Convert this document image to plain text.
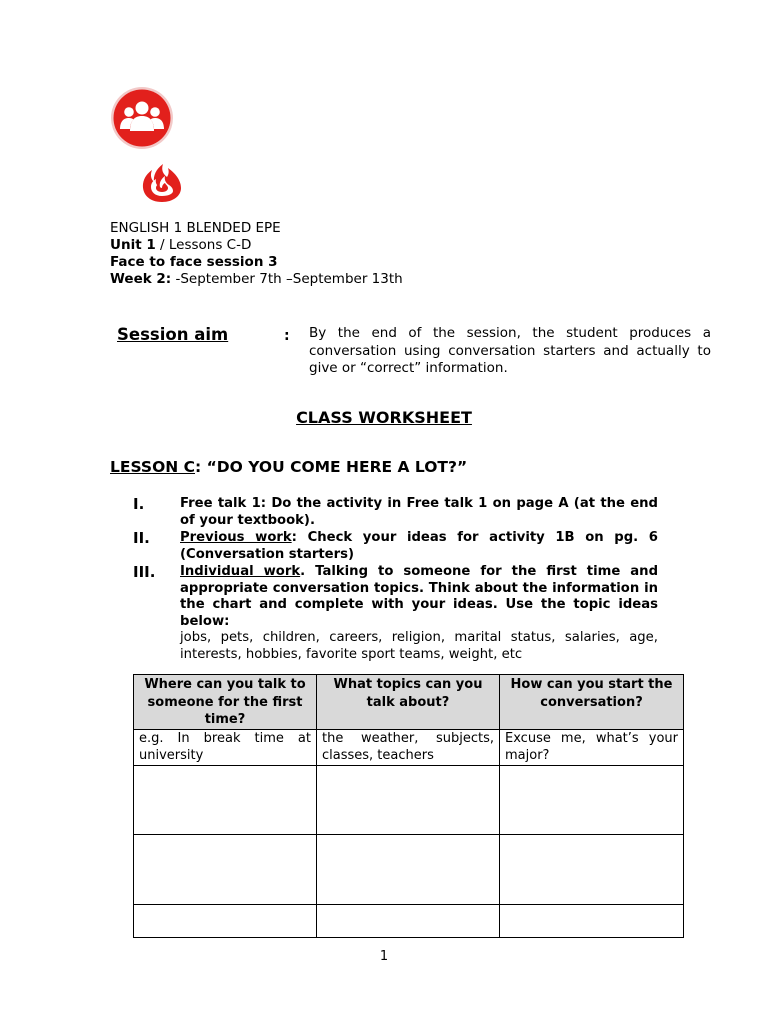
ENGLISH 1 BLENDED EPE
Unit 1 / Lessons C-D
Face to face session 3
Week 2: -September 7th –September 13th
Session aim	: By the end of the session, the student produces a conversation using conversation starters and actually to give or “correct” information.
CLASS WORKSHEET
LESSON C: “DO YOU COME HERE A LOT?”
I.	Free talk 1: Do the activity in Free talk 1 on page A (at the end of your textbook).
II. Previous work: Check your ideas for activity 1B on pg. 6 (Conversation starters)
III. Individual work. Talking to someone for the first time and appropriate conversation topics. Think about the information in the chart and complete with your ideas. Use the topic ideas below:
jobs, pets, children, careers, religion, marital status, salaries, age, interests, hobbies, favorite sport teams, weight, etc
Where can you talk to someone for the first time?	What topics can you talk about?	How can you start the conversation?
e.g. In break time at university	the weather, subjects, classes, teachers	Excuse me, what’s your major?

1
